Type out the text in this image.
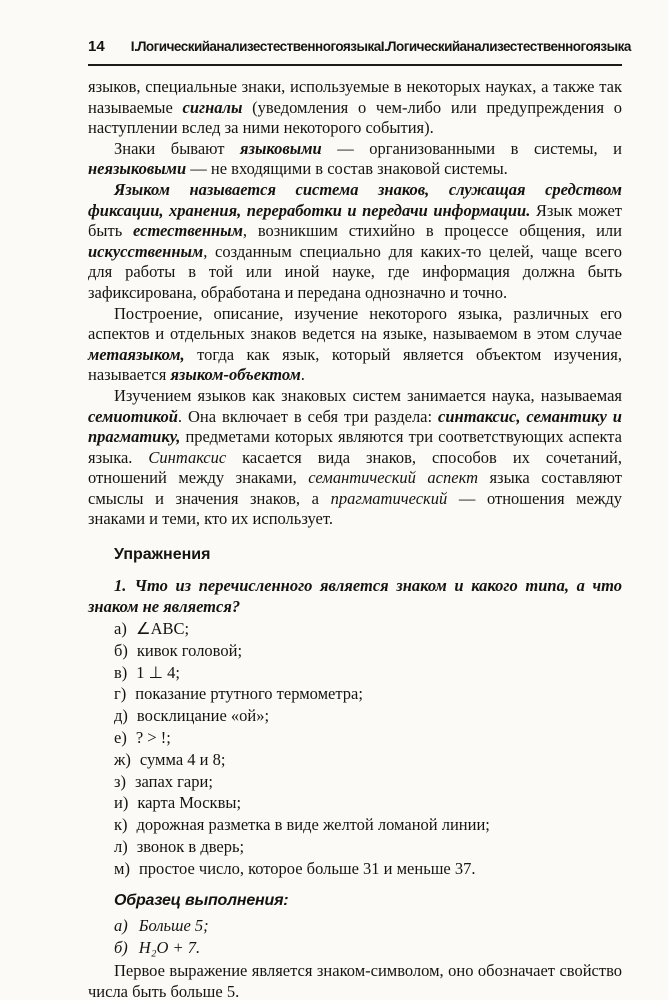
14 I. Логический анализ естественного языка I. Логический анализ естественного языка

языков, специальные знаки, используемые в некоторых науках, а также так называемые сигналы (уведомления о чем-либо или предупреждения о наступлении вслед за ними некоторого события).

Знаки бывают языковыми — организованными в системы, и неязыковыми — не входящими в состав знаковой системы.

Языком называется система знаков, служащая средством фиксации, хранения, переработки и передачи информации. Язык может быть естественным, возникшим стихийно в процессе общения, или искусственным, созданным специально для каких-то целей, чаще всего для работы в той или иной науке, где информация должна быть зафиксирована, обработана и передана однозначно и точно.

Построение, описание, изучение некоторого языка, различных его аспектов и отдельных знаков ведется на языке, называемом в этом случае метаязыком, тогда как язык, который является объектом изучения, называется языком-объектом.

Изучением языков как знаковых систем занимается наука, называемая семиотикой. Она включает в себя три раздела: синтаксис, семантику и прагматику, предметами которых являются три соответствующих аспекта языка. Синтаксис касается вида знаков, способов их сочетаний, отношений между знаками, семантический аспект языка составляют смыслы и значения знаков, а прагматический — отношения между знаками и теми, кто их использует.

Упражнения

1. Что из перечисленного является знаком и какого типа, а что знаком не является?

а) ∠ABC;
б) кивок головой;
в) 1 ⊥ 4;
г) показание ртутного термометра;
д) восклицание «ой»;
е) ? > !;
ж) сумма 4 и 8;
з) запах гари;
и) карта Москвы;
к) дорожная разметка в виде желтой ломаной линии;
л) звонок в дверь;
м) простое число, которое больше 31 и меньше 37.

Образец выполнения:

а) Больше 5;
б) H₂O + 7.

Первое выражение является знаком-символом, оно обозначает свойство числа быть больше 5.
